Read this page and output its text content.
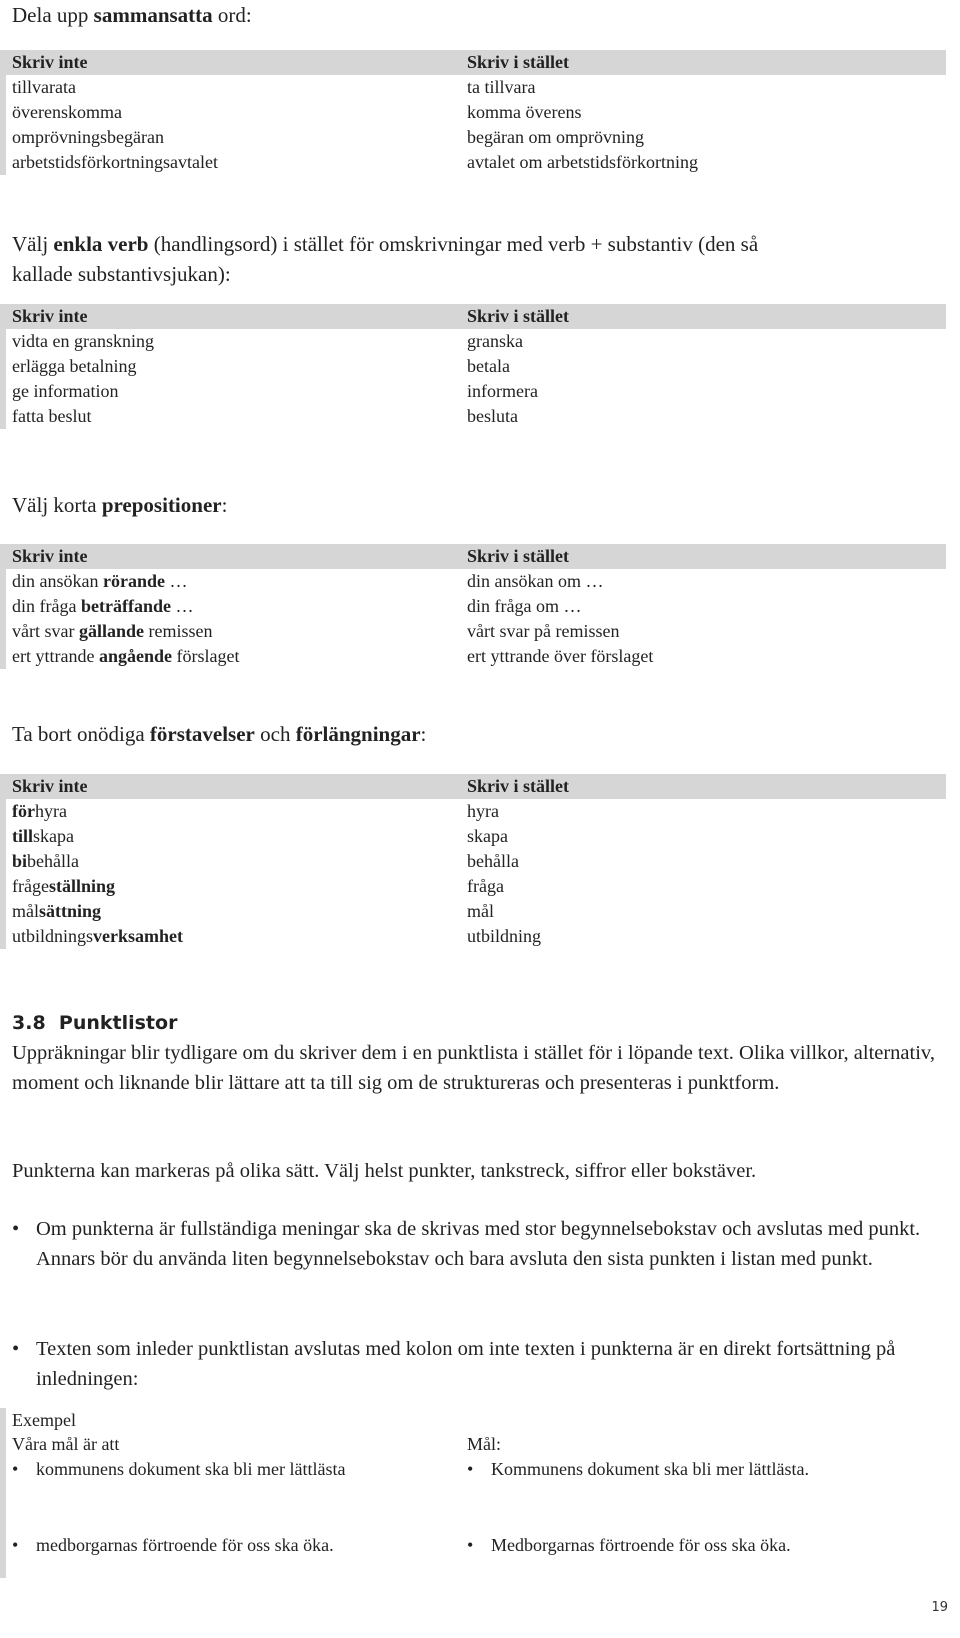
Dela upp sammansatta ord:

Skriv inte	Skriv i stället
tillvarata	ta tillvara
överenskomma	komma överens
omprövningsbegäran	begäran om omprövning
arbetstidsförkortningsavtalet	avtalet om arbetstidsförkortning

Välj enkla verb (handlingsord) i stället för omskrivningar med verb + substantiv (den så
kallade substantivsjukan):

Skriv inte	Skriv i stället
vidta en granskning	granska
erlägga betalning	betala
ge information	informera
fatta beslut	besluta

Välj korta prepositioner:

Skriv inte	Skriv i stället
din ansökan rörande …	din ansökan om …
din fråga beträffande …	din fråga om …
vårt svar gällande remissen	vårt svar på remissen
ert yttrande angående förslaget	ert yttrande över förslaget

Ta bort onödiga förstavelser och förlängningar:

Skriv inte	Skriv i stället
förhyra	hyra
tillskapa	skapa
bibehålla	behålla
frågeställning	fråga
målsättning	mål
utbildningsverksamhet	utbildning
3.8 Punktlistor

Uppräkningar blir tydligare om du skriver dem i en punktlista i stället för i löpande text. Olika villkor, alternativ, moment och liknande blir lättare att ta till sig om de struktureras och presenteras i punktform.

Punkterna kan markeras på olika sätt. Välj helst punkter, tankstreck, siffror eller bokstäver.

• Om punkterna är fullständiga meningar ska de skrivas med stor begynnelsebokstav och avslutas med punkt. Annars bör du använda liten begynnelsebokstav och bara avsluta den sista punkten i listan med punkt.
• Texten som inleder punktlistan avslutas med kolon om inte texten i punkterna är en direkt fortsättning på inledningen:
Exempel
Våra mål är att
• kommunens dokument ska bli mer lättlästa
• medborgarnas förtroende för oss ska öka.
Mål:
• Kommunens dokument ska bli mer lättlästa.
• Medborgarnas förtroende för oss ska öka.
19
